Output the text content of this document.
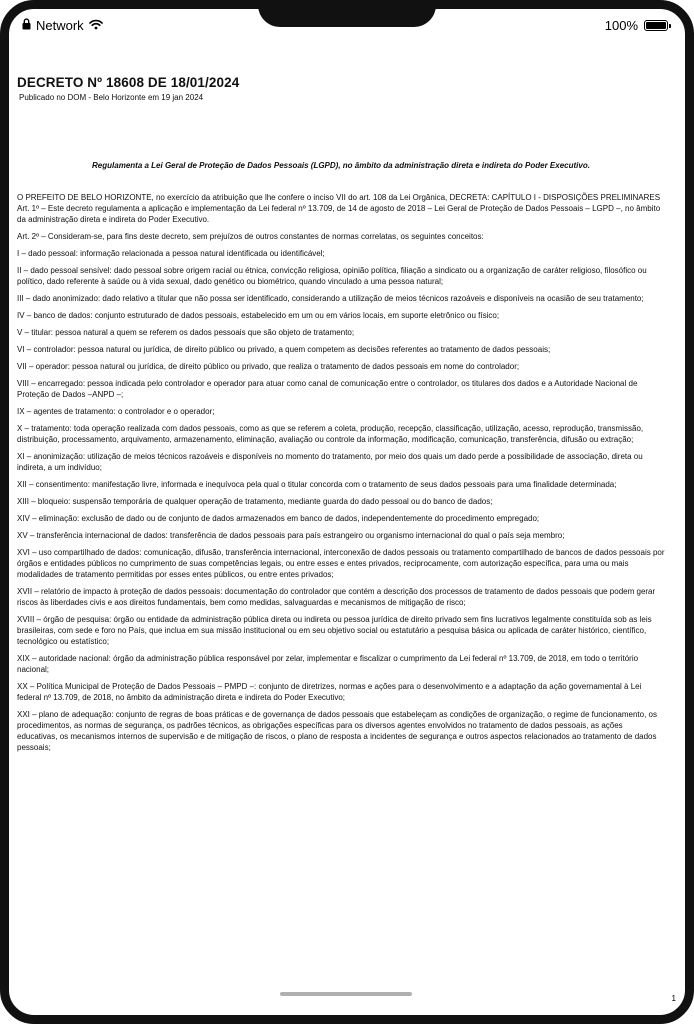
Network	100%
DECRETO Nº 18608 DE 18/01/2024
Publicado no DOM - Belo Horizonte em 19 jan 2024
Regulamenta a Lei Geral de Proteção de Dados Pessoais (LGPD), no âmbito da administração direta e indireta do Poder Executivo.

O PREFEITO DE BELO HORIZONTE, no exercício da atribuição que lhe confere o inciso VII do art. 108 da Lei Orgânica, DECRETA: CAPÍTULO I - DISPOSIÇÕES PRELIMINARES Art. 1º – Este decreto regulamenta a aplicação e implementação da Lei federal nº 13.709, de 14 de agosto de 2018 – Lei Geral de Proteção de Dados Pessoais – LGPD –, no âmbito da administração direta e indireta do Poder Executivo.

Art. 2º – Consideram-se, para fins deste decreto, sem prejuízos de outros constantes de normas correlatas, os seguintes conceitos:

I – dado pessoal: informação relacionada a pessoa natural identificada ou identificável;

II – dado pessoal sensível: dado pessoal sobre origem racial ou étnica, convicção religiosa, opinião política, filiação a sindicato ou a organização de caráter religioso, filosófico ou político, dado referente à saúde ou à vida sexual, dado genético ou biométrico, quando vinculado a uma pessoa natural;

III – dado anonimizado: dado relativo a titular que não possa ser identificado, considerando a utilização de meios técnicos razoáveis e disponíveis na ocasião de seu tratamento;

IV – banco de dados: conjunto estruturado de dados pessoais, estabelecido em um ou em vários locais, em suporte eletrônico ou físico;

V – titular: pessoa natural a quem se referem os dados pessoais que são objeto de tratamento;

VI – controlador: pessoa natural ou jurídica, de direito público ou privado, a quem competem as decisões referentes ao tratamento de dados pessoais;

VII – operador: pessoa natural ou jurídica, de direito público ou privado, que realiza o tratamento de dados pessoais em nome do controlador;

VIII – encarregado: pessoa indicada pelo controlador e operador para atuar como canal de comunicação entre o controlador, os titulares dos dados e a Autoridade Nacional de Proteção de Dados –ANPD –;

IX – agentes de tratamento: o controlador e o operador;

X – tratamento: toda operação realizada com dados pessoais, como as que se referem a coleta, produção, recepção, classificação, utilização, acesso, reprodução, transmissão, distribuição, processamento, arquivamento, armazenamento, eliminação, avaliação ou controle da informação, modificação, comunicação, transferência, difusão ou extração;

XI – anonimização: utilização de meios técnicos razoáveis e disponíveis no momento do tratamento, por meio dos quais um dado perde a possibilidade de associação, direta ou indireta, a um indivíduo;

XII – consentimento: manifestação livre, informada e inequívoca pela qual o titular concorda com o tratamento de seus dados pessoais para uma finalidade determinada;

XIII – bloqueio: suspensão temporária de qualquer operação de tratamento, mediante guarda do dado pessoal ou do banco de dados;

XIV – eliminação: exclusão de dado ou de conjunto de dados armazenados em banco de dados, independentemente do procedimento empregado;

XV – transferência internacional de dados: transferência de dados pessoais para país estrangeiro ou organismo internacional do qual o país seja membro;

XVI – uso compartilhado de dados: comunicação, difusão, transferência internacional, interconexão de dados pessoais ou tratamento compartilhado de bancos de dados pessoais por órgãos e entidades públicos no cumprimento de suas competências legais, ou entre esses e entes privados, reciprocamente, com autorização específica, para uma ou mais modalidades de tratamento permitidas por esses entes públicos, ou entre entes privados;

XVII – relatório de impacto à proteção de dados pessoais: documentação do controlador que contém a descrição dos processos de tratamento de dados pessoais que podem gerar riscos às liberdades civis e aos direitos fundamentais, bem como medidas, salvaguardas e mecanismos de mitigação de risco;

XVIII – órgão de pesquisa: órgão ou entidade da administração pública direta ou indireta ou pessoa jurídica de direito privado sem fins lucrativos legalmente constituída sob as leis brasileiras, com sede e foro no País, que inclua em sua missão institucional ou em seu objetivo social ou estatutário a pesquisa básica ou aplicada de caráter histórico, científico, tecnológico ou estatístico;

XIX – autoridade nacional: órgão da administração pública responsável por zelar, implementar e fiscalizar o cumprimento da Lei federal nº 13.709, de 2018, em todo o território nacional;

XX – Política Municipal de Proteção de Dados Pessoais – PMPD –: conjunto de diretrizes, normas e ações para o desenvolvimento e a adaptação da ação governamental à Lei federal nº 13.709, de 2018, no âmbito da administração direta e indireta do Poder Executivo;

XXI – plano de adequação: conjunto de regras de boas práticas e de governança de dados pessoais que estabeleçam as condições de organização, o regime de funcionamento, os procedimentos, as normas de segurança, os padrões técnicos, as obrigações específicas para os diversos agentes envolvidos no tratamento de dados pessoais, as ações educativas, os mecanismos internos de supervisão e de mitigação de riscos, o plano de resposta a incidentes de segurança e outros aspectos relacionados ao tratamento de dados pessoais;

1
